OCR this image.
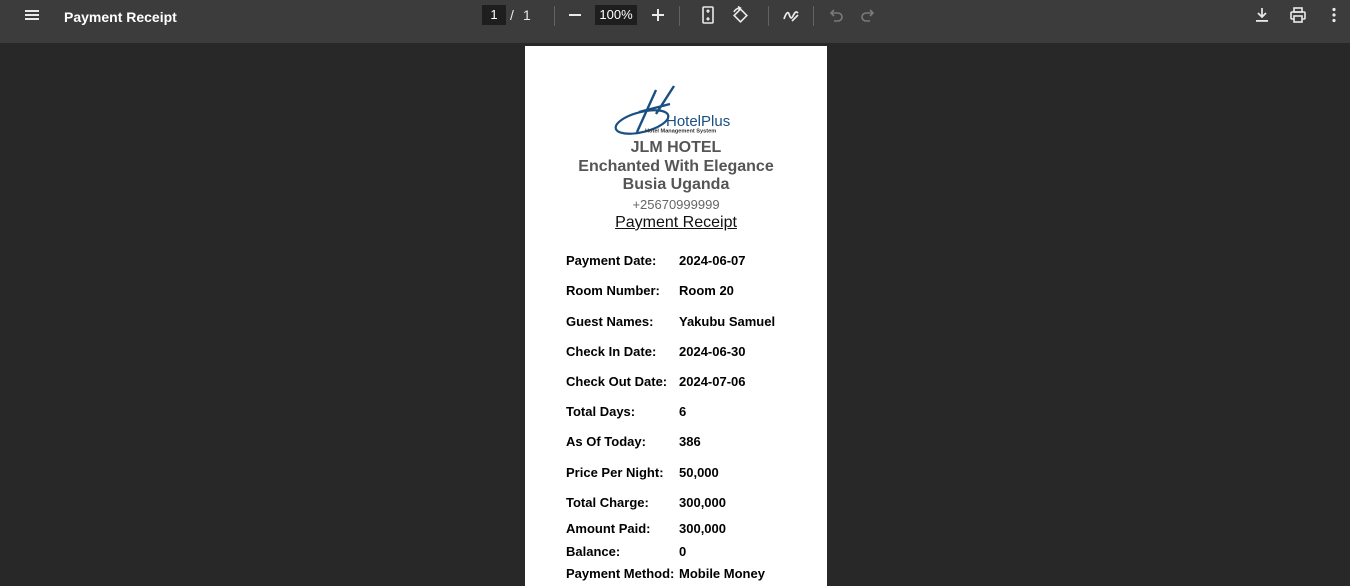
Payment Receipt	1 / 1	100%
HotelPlus
Hotel Management System
JLM HOTEL
Enchanted With Elegance
Busia Uganda
+25670999999
Payment Receipt
Payment Date: 2024-06-07
Room Number: Room 20
Guest Names: Yakubu Samuel
Check In Date: 2024-06-30
Check Out Date: 2024-07-06
Total Days:	6
As Of Today:	386
Price Per Night: 50,000
Total Charge: 300,000
Amount Paid: 300,000
Balance:	0
Payment Method: Mobile Money
